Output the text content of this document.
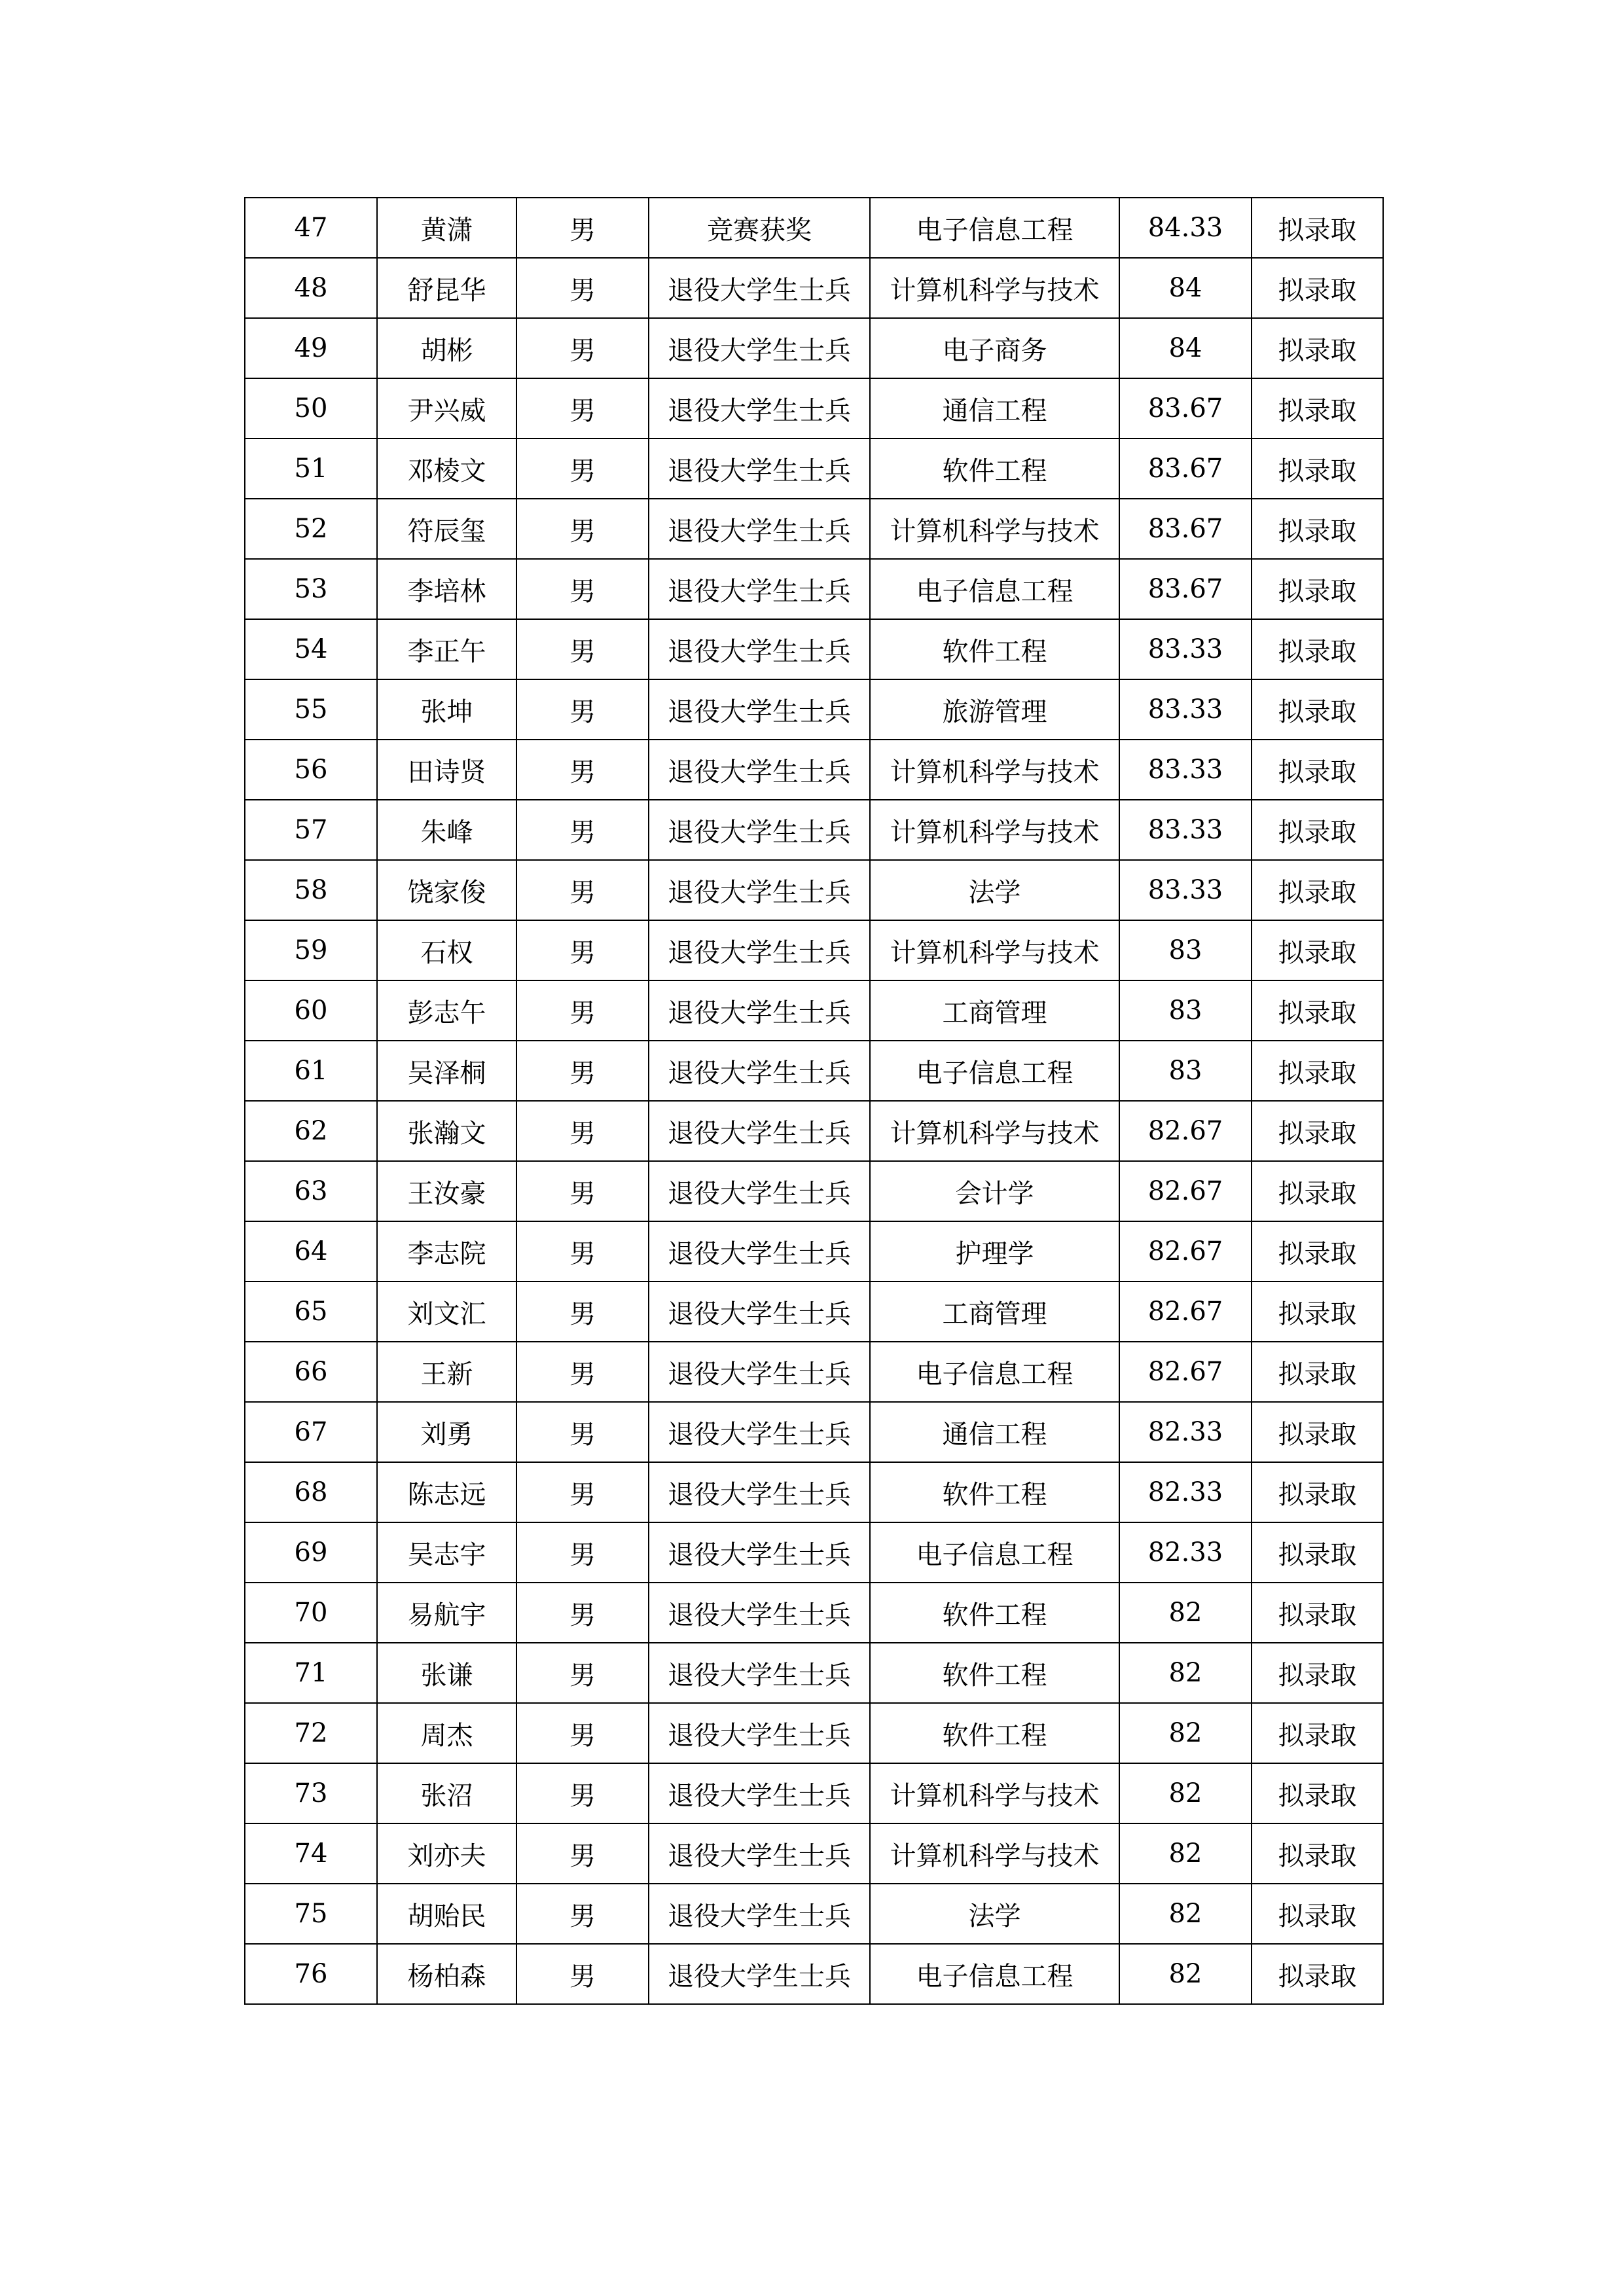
47	黄潇	男	竞赛获奖	电子信息工程	84.33	拟录取
48	舒昆华	男	退役大学生士兵	计算机科学与技术	84	拟录取
49	胡彬	男	退役大学生士兵	电子商务	84	拟录取
50	尹兴威	男	退役大学生士兵	通信工程	83.67	拟录取
51	邓棱文	男	退役大学生士兵	软件工程	83.67	拟录取
52	符辰玺	男	退役大学生士兵	计算机科学与技术	83.67	拟录取
53	李培林	男	退役大学生士兵	电子信息工程	83.67	拟录取
54	李正午	男	退役大学生士兵	软件工程	83.33	拟录取
55	张坤	男	退役大学生士兵	旅游管理	83.33	拟录取
56	田诗贤	男	退役大学生士兵	计算机科学与技术	83.33	拟录取
57	朱峰	男	退役大学生士兵	计算机科学与技术	83.33	拟录取
58	饶家俊	男	退役大学生士兵	法学	83.33	拟录取
59	石权	男	退役大学生士兵	计算机科学与技术	83	拟录取
60	彭志午	男	退役大学生士兵	工商管理	83	拟录取
61	吴泽桐	男	退役大学生士兵	电子信息工程	83	拟录取
62	张瀚文	男	退役大学生士兵	计算机科学与技术	82.67	拟录取
63	王汝豪	男	退役大学生士兵	会计学	82.67	拟录取
64	李志院	男	退役大学生士兵	护理学	82.67	拟录取
65	刘文汇	男	退役大学生士兵	工商管理	82.67	拟录取
66	王新	男	退役大学生士兵	电子信息工程	82.67	拟录取
67	刘勇	男	退役大学生士兵	通信工程	82.33	拟录取
68	陈志远	男	退役大学生士兵	软件工程	82.33	拟录取
69	吴志宇	男	退役大学生士兵	电子信息工程	82.33	拟录取
70	易航宇	男	退役大学生士兵	软件工程	82	拟录取
71	张谦	男	退役大学生士兵	软件工程	82	拟录取
72	周杰	男	退役大学生士兵	软件工程	82	拟录取
73	张沼	男	退役大学生士兵	计算机科学与技术	82	拟录取
74	刘亦夫	男	退役大学生士兵	计算机科学与技术	82	拟录取
75	胡贻民	男	退役大学生士兵	法学	82	拟录取
76	杨柏森	男	退役大学生士兵	电子信息工程	82	拟录取
